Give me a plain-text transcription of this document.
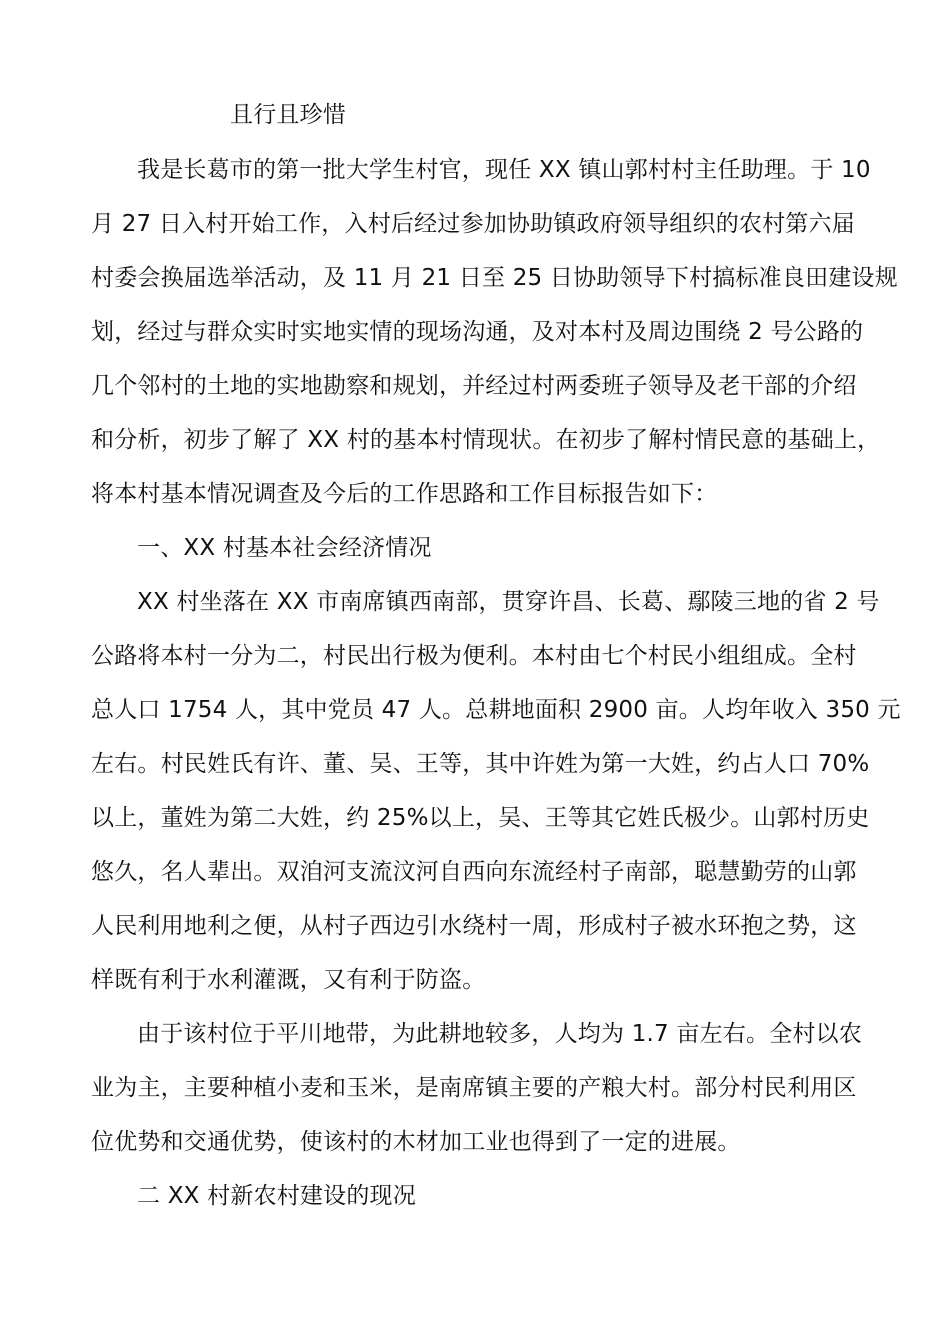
且行且珍惜
我是长葛市的第一批大学生村官，现任 XX 镇山郭村村主任助理。于 10
月 27 日入村开始工作，入村后经过参加协助镇政府领导组织的农村第六届
村委会换届选举活动，及 11 月 21 日至 25 日协助领导下村搞标准良田建设规
划，经过与群众实时实地实情的现场沟通，及对本村及周边围绕 2 号公路的
几个邻村的土地的实地勘察和规划，并经过村两委班子领导及老干部的介绍
和分析，初步了解了 XX 村的基本村情现状。在初步了解村情民意的基础上，
将本村基本情况调查及今后的工作思路和工作目标报告如下：
一、XX 村基本社会经济情况
XX 村坐落在 XX 市南席镇西南部，贯穿许昌、长葛、鄢陵三地的省 2 号
公路将本村一分为二，村民出行极为便利。本村由七个村民小组组成。全村
总人口 1754 人，其中党员 47 人。总耕地面积 2900 亩。人均年收入 350 元
左右。村民姓氏有许、董、吴、王等，其中许姓为第一大姓，约占人口 70%
以上，董姓为第二大姓，约 25%以上，吴、王等其它姓氏极少。山郭村历史
悠久，名人辈出。双洎河支流汶河自西向东流经村子南部，聪慧勤劳的山郭
人民利用地利之便，从村子西边引水绕村一周，形成村子被水环抱之势，这
样既有利于水利灌溉，又有利于防盗。
由于该村位于平川地带，为此耕地较多，人均为 1.7 亩左右。全村以农
业为主，主要种植小麦和玉米，是南席镇主要的产粮大村。部分村民利用区
位优势和交通优势，使该村的木材加工业也得到了一定的进展。
二 XX 村新农村建设的现况
